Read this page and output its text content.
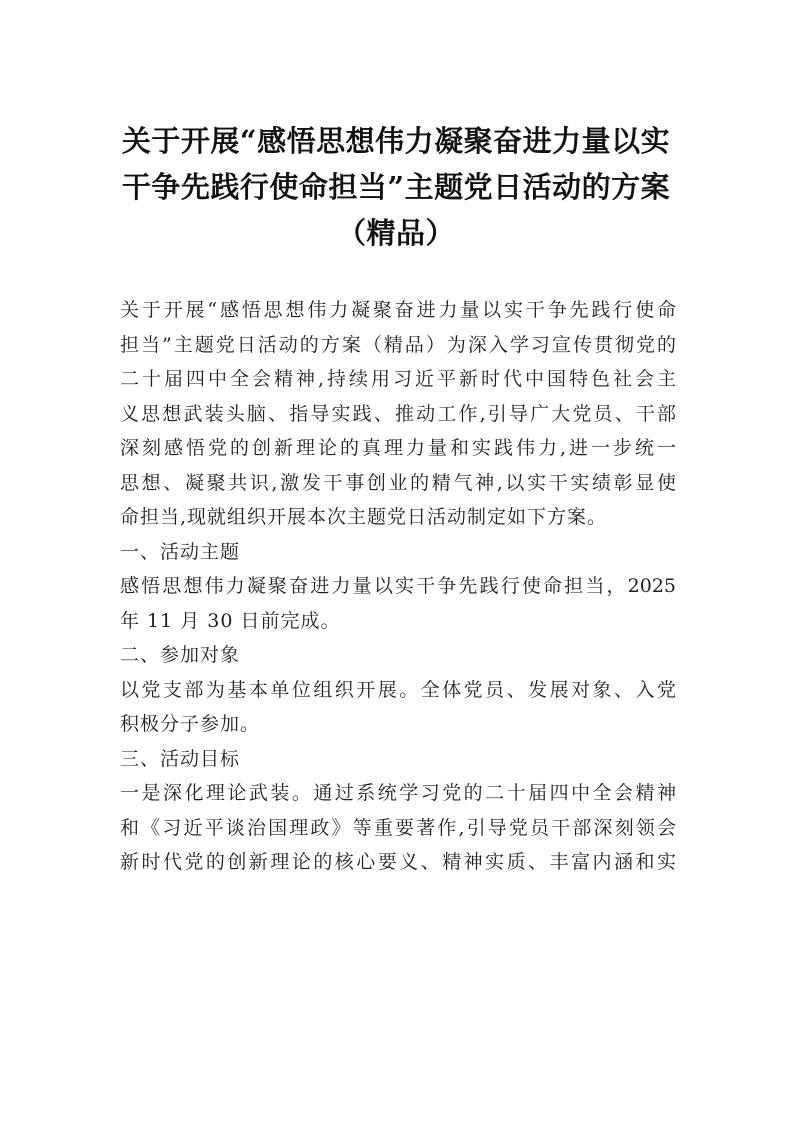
关于开展“感悟思想伟力凝聚奋进力量以实
干争先践行使命担当”主题党日活动的方案
（精品）
关于开展“感悟思想伟力凝聚奋进力量以实干争先践行使命
担当”主题党日活动的方案（精品）为深入学习宣传贯彻党的
二十届四中全会精神,持续用习近平新时代中国特色社会主
义思想武装头脑、指导实践、推动工作,引导广大党员、干部
深刻感悟党的创新理论的真理力量和实践伟力,进一步统一
思想、凝聚共识,激发干事创业的精气神,以实干实绩彰显使
命担当,现就组织开展本次主题党日活动制定如下方案。
一、活动主题
感悟思想伟力凝聚奋进力量以实干争先践行使命担当，2025
年 11 月 30 日前完成。
二、参加对象
以党支部为基本单位组织开展。全体党员、发展对象、入党
积极分子参加。
三、活动目标
一是深化理论武装。通过系统学习党的二十届四中全会精神
和《习近平谈治国理政》等重要著作,引导党员干部深刻领会
新时代党的创新理论的核心要义、精神实质、丰富内涵和实
